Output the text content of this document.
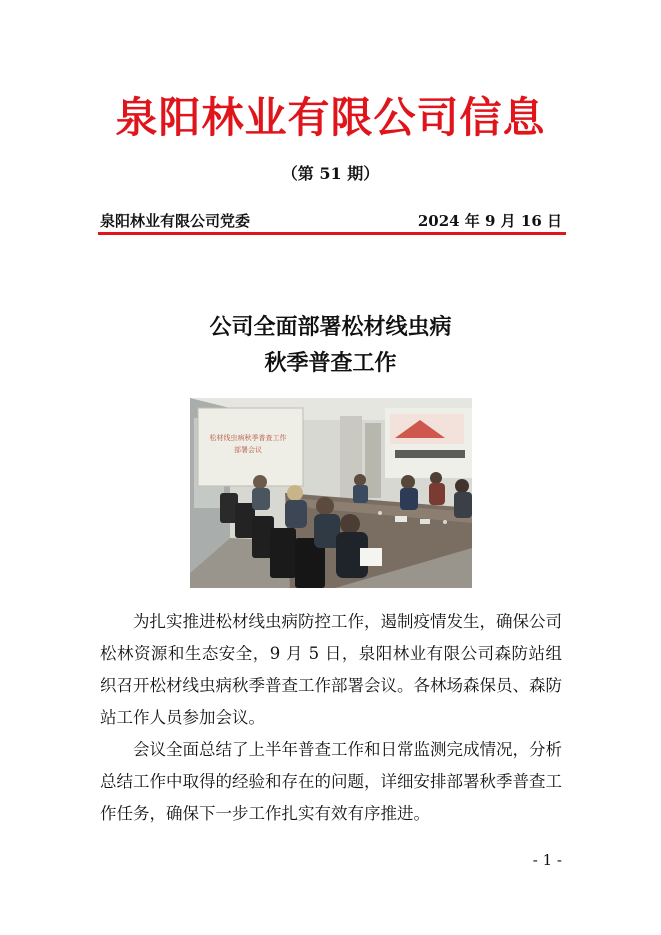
泉阳林业有限公司信息
（第 51 期）
泉阳林业有限公司党委	2024 年 9 月 16 日
公司全面部署松材线虫病
秋季普查工作
松材线虫病秋季普查工作
部署会议

为扎实推进松材线虫病防控工作，遏制疫情发生，确保公司松林资源和生态安全，9 月 5 日，泉阳林业有限公司森防站组织召开松材线虫病秋季普查工作部署会议。各林场森保员、森防站工作人员参加会议。

会议全面总结了上半年普查工作和日常监测完成情况，分析总结工作中取得的经验和存在的问题，详细安排部署秋季普查工作任务，确保下一步工作扎实有效有序推进。

- 1 -
